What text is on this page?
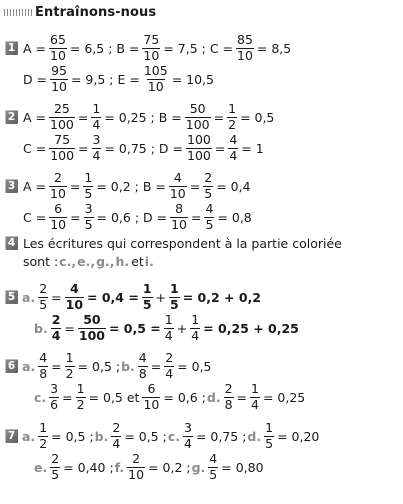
Entraînons-nous
1 $A = \frac{65}{10} = 6,5$ ; $B = \frac{75}{10} = 7,5$ ; $C = \frac{85}{10} = 8,5$
$D = \frac{95}{10} = 9,5$ ; $E = \frac{105}{10} = 10,5$
2 $A = \frac{25}{100} = \frac{1}{4} = 0,25$ ; $B = \frac{50}{100} = \frac{1}{2} = 0,5$
$C = \frac{75}{100} = \frac{3}{4} = 0,75$ ; $D = \frac{100}{100} = \frac{4}{4} = 1$
3 $A = \frac{2}{10} = \frac{1}{5} = 0,2$ ; $B = \frac{4}{10} = \frac{2}{5} = 0,4$
$C = \frac{6}{10} = \frac{3}{5} = 0,6$ ; $D = \frac{8}{10} = \frac{4}{5} = 0,8$
4 Les écritures qui correspondent à la partie coloriée
sont : c., e., g., h. et i.
5 a. $\frac{2}{5} = \frac{4}{10} = 0,4 = \frac{1}{5} + \frac{1}{5} = 0,2 + 0,2$
b. $\frac{2}{4} = \frac{50}{100} = 0,5 = \frac{1}{4} + \frac{1}{4} = 0,25 + 0,25$
6 a. $\frac{4}{8} = \frac{1}{2} = 0,5$ ; b. $\frac{4}{8} = \frac{2}{4} = 0,5$
c. $\frac{3}{6} = \frac{1}{2} = 0,5$ et $\frac{6}{10} = 0,6$ ; d. $\frac{2}{8} = \frac{1}{4} = 0,25$
7 a. $\frac{1}{2} = 0,5$ ; b. $\frac{2}{4} = 0,5$ ; c. $\frac{3}{4} = 0,75$ ; d. $\frac{1}{5} = 0,20$
e. $\frac{2}{5} = 0,40$ ; f. $\frac{2}{10} = 0,2$ ; g. $\frac{4}{5} = 0,80$
